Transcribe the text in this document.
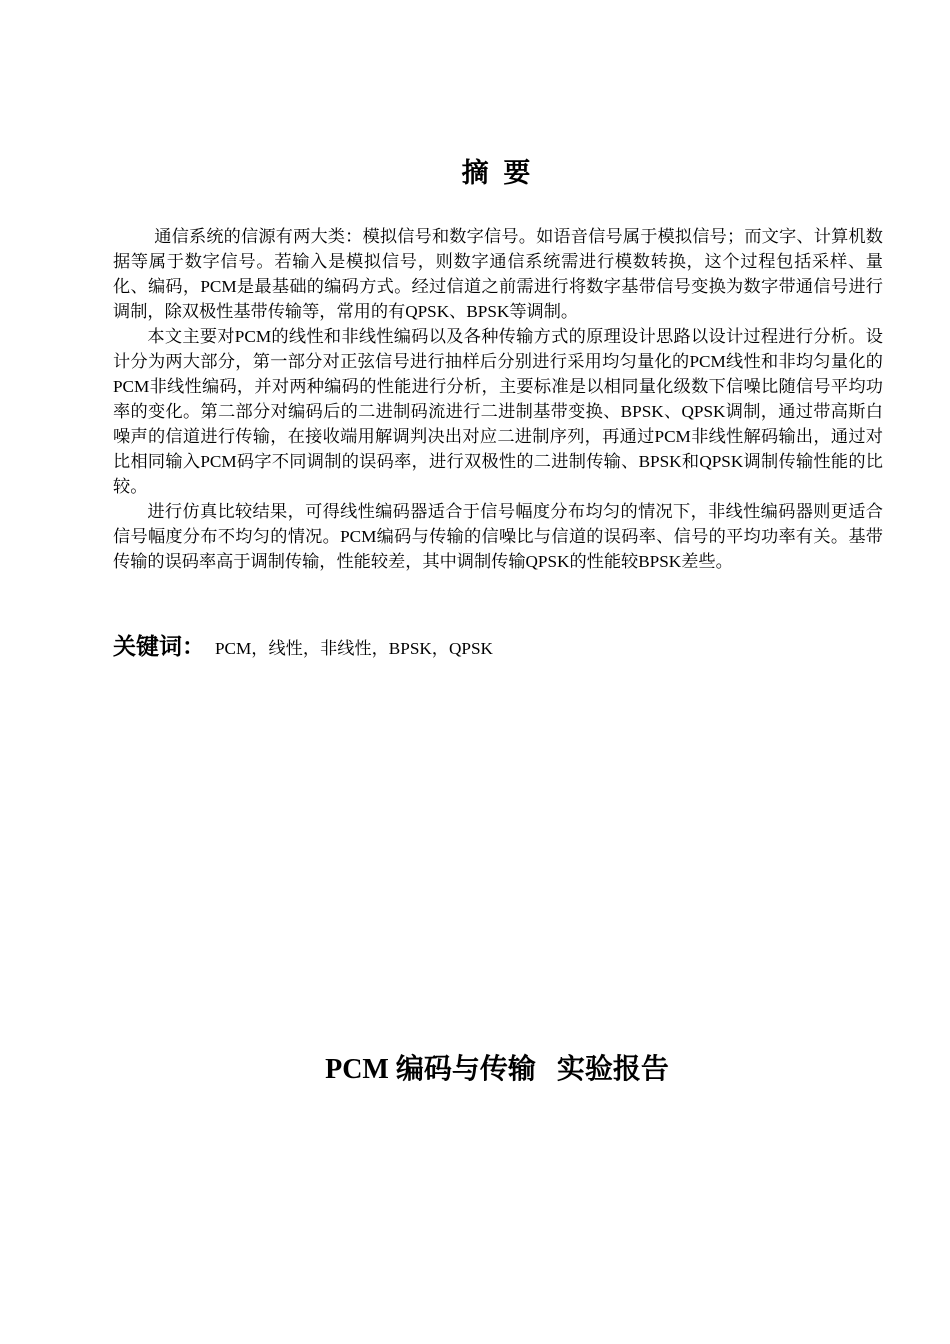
摘 要

通信系统的信源有两大类：模拟信号和数字信号。如语音信号属于模拟信号；而文字、计算机数据等属于数字信号。若输入是模拟信号，则数字通信系统需进行模数转换，这个过程包括采样、量化、编码，PCM是最基础的编码方式。经过信道之前需进行将数字基带信号变换为数字带通信号进行调制，除双极性基带传输等，常用的有QPSK、BPSK等调制。

本文主要对PCM的线性和非线性编码以及各种传输方式的原理设计思路以设计过程进行分析。设计分为两大部分，第一部分对正弦信号进行抽样后分别进行采用均匀量化的PCM线性和非均匀量化的PCM非线性编码，并对两种编码的性能进行分析，主要标准是以相同量化级数下信噪比随信号平均功率的变化。第二部分对编码后的二进制码流进行二进制基带变换、BPSK、QPSK调制，通过带高斯白噪声的信道进行传输，在接收端用解调判决出对应二进制序列，再通过PCM非线性解码输出，通过对比相同输入PCM码字不同调制的误码率，进行双极性的二进制传输、BPSK和QPSK调制传输性能的比较。

进行仿真比较结果，可得线性编码器适合于信号幅度分布均匀的情况下，非线性编码器则更适合信号幅度分布不均匀的情况。PCM编码与传输的信噪比与信道的误码率、信号的平均功率有关。基带传输的误码率高于调制传输，性能较差，其中调制传输QPSK的性能较BPSK差些。

关键词： PCM，线性，非线性，BPSK，QPSK
PCM 编码与传输   实验报告
